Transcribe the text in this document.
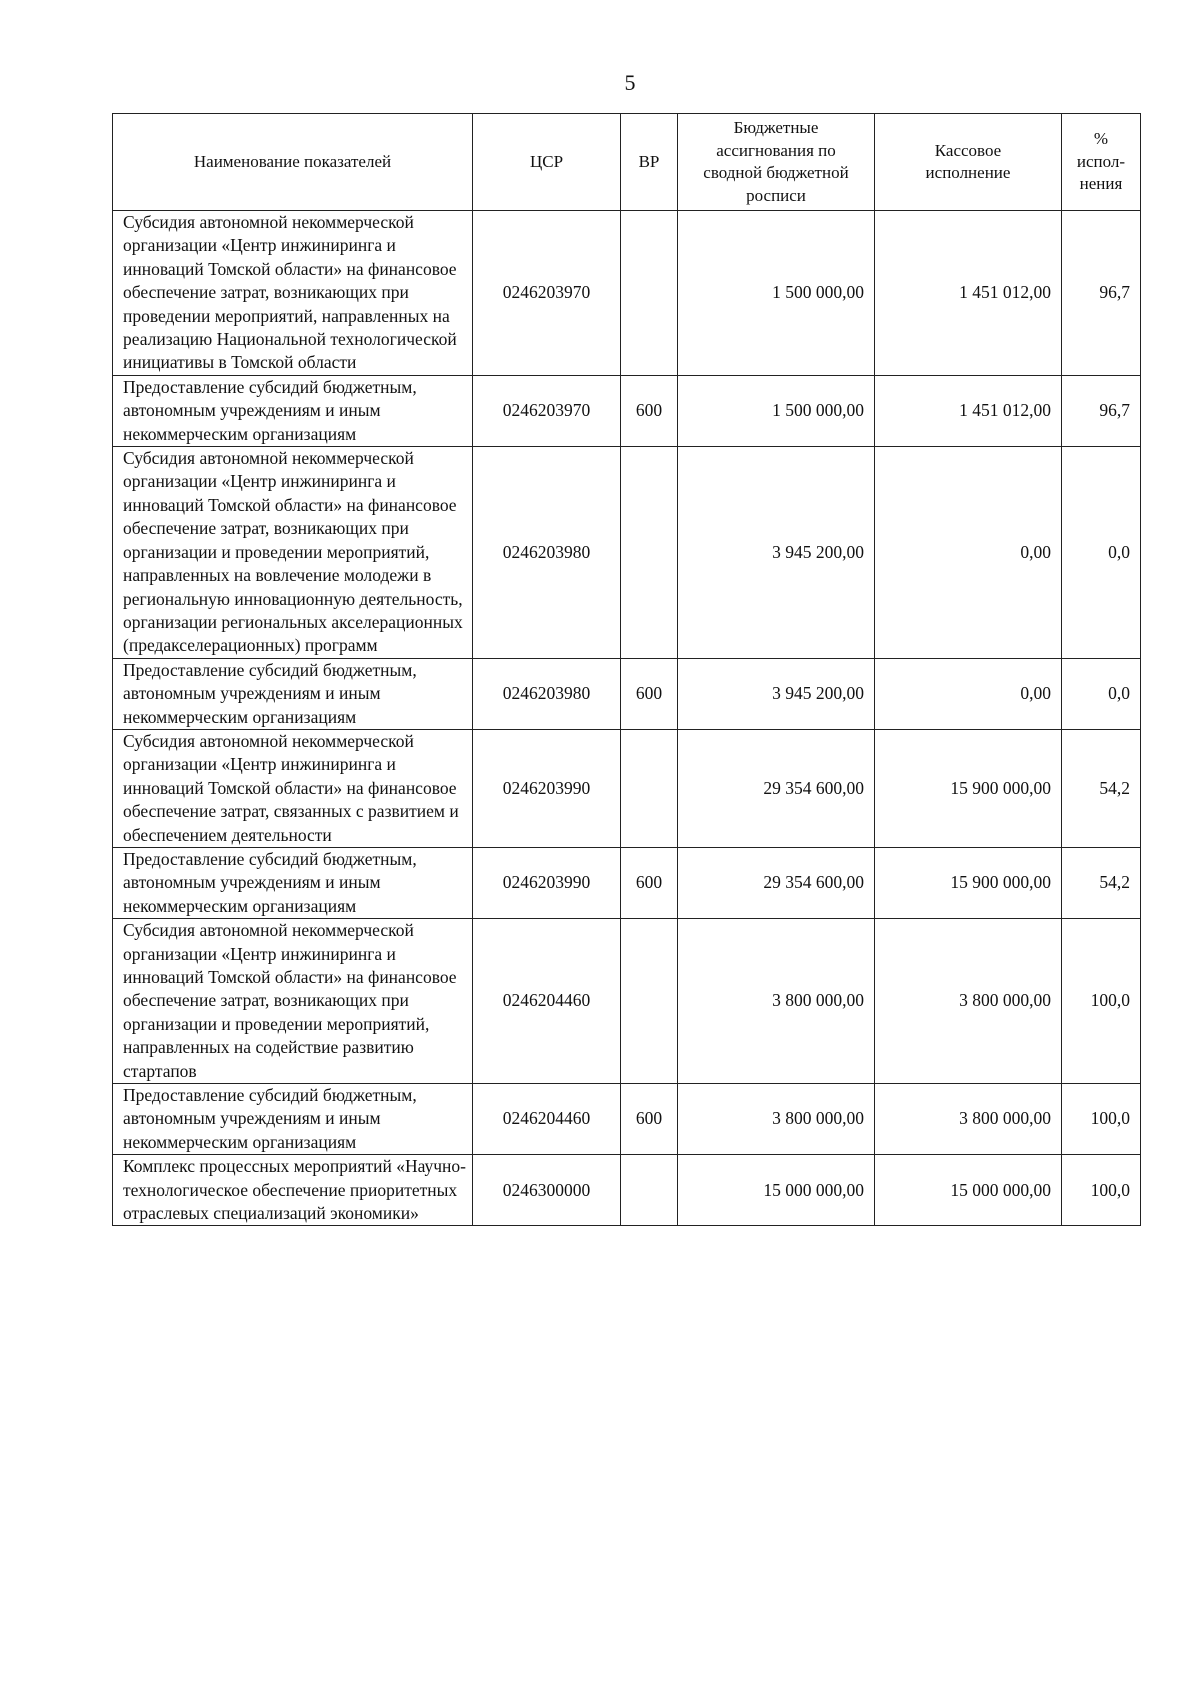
5
Наименование показателей	ЦСР	ВР	Бюджетные ассигнования по сводной бюджетной росписи	Кассовое исполнение	% испол-нения
Субсидия автономной некоммерческой организации «Центр инжиниринга и инноваций Томской области» на финансовое обеспечение затрат, возникающих при проведении мероприятий, направленных на реализацию Национальной технологической инициативы в Томской области	0246203970		1 500 000,00	1 451 012,00	96,7
Предоставление субсидий бюджетным, автономным учреждениям и иным некоммерческим организациям	0246203970	600	1 500 000,00	1 451 012,00	96,7
Субсидия автономной некоммерческой организации «Центр инжиниринга и инноваций Томской области» на финансовое обеспечение затрат, возникающих при организации и проведении мероприятий, направленных на вовлечение молодежи в региональную инновационную деятельность, организации региональных акселерационных (предакселерационных) программ	0246203980		3 945 200,00	0,00	0,0
Предоставление субсидий бюджетным, автономным учреждениям и иным некоммерческим организациям	0246203980	600	3 945 200,00	0,00	0,0
Субсидия автономной некоммерческой организации «Центр инжиниринга и инноваций Томской области» на финансовое обеспечение затрат, связанных с развитием и обеспечением деятельности	0246203990		29 354 600,00	15 900 000,00	54,2
Предоставление субсидий бюджетным, автономным учреждениям и иным некоммерческим организациям	0246203990	600	29 354 600,00	15 900 000,00	54,2
Субсидия автономной некоммерческой организации «Центр инжиниринга и инноваций Томской области» на финансовое обеспечение затрат, возникающих при организации и проведении мероприятий, направленных на содействие развитию стартапов	0246204460		3 800 000,00	3 800 000,00	100,0
Предоставление субсидий бюджетным, автономным учреждениям и иным некоммерческим организациям	0246204460	600	3 800 000,00	3 800 000,00	100,0
Комплекс процессных мероприятий «Научно-технологическое обеспечение приоритетных отраслевых специализаций экономики»	0246300000		15 000 000,00	15 000 000,00	100,0
